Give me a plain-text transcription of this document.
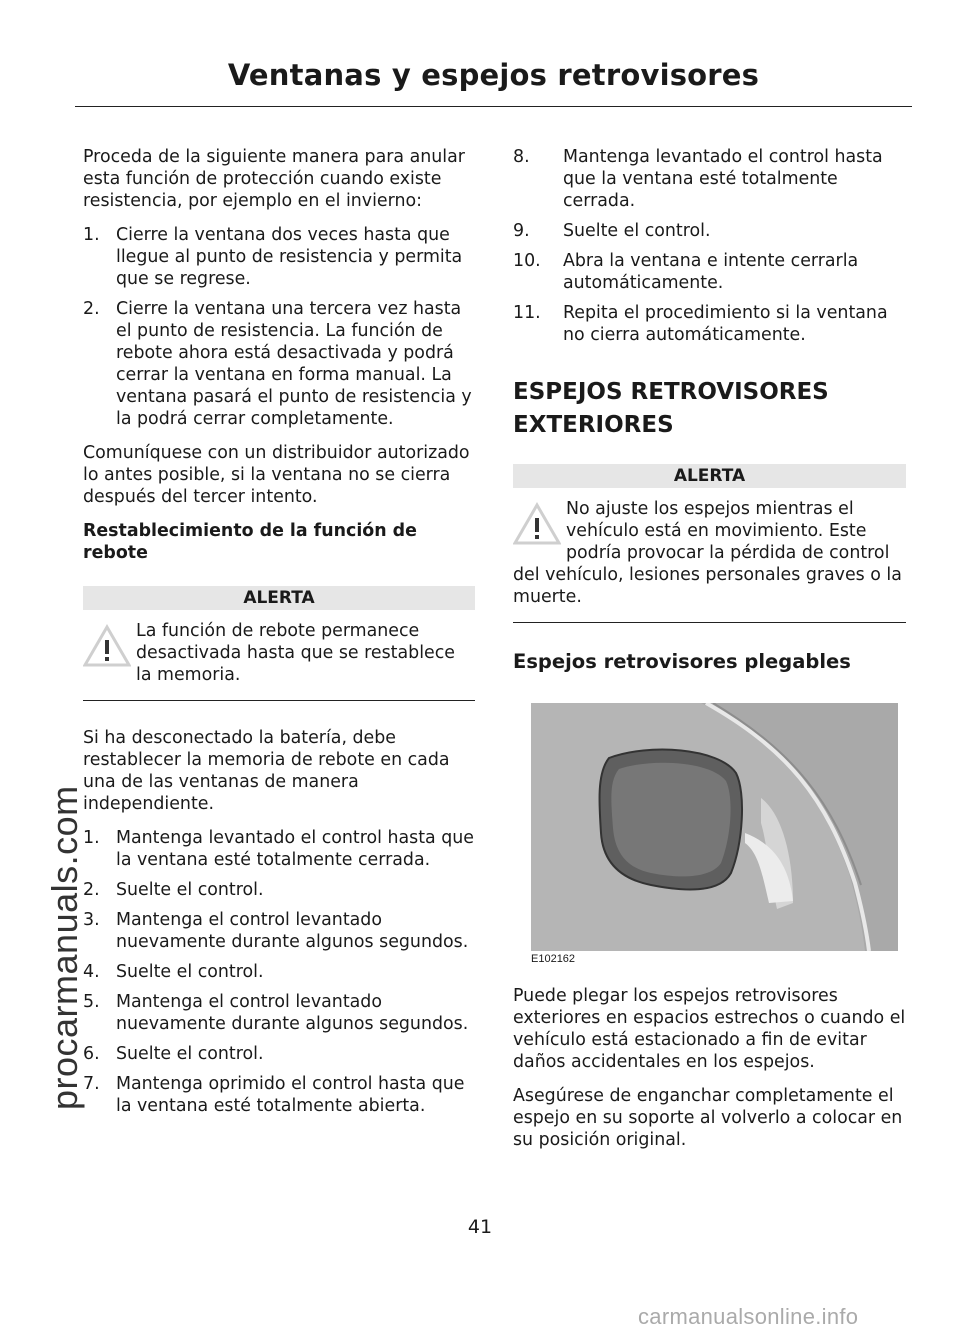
Ventanas y espejos retrovisores

Proceda de la siguiente manera para anular esta función de protección cuando existe resistencia, por ejemplo en el invierno:

1. Cierre la ventana dos veces hasta que llegue al punto de resistencia y permita que se regrese.
2. Cierre la ventana una tercera vez hasta el punto de resistencia. La función de rebote ahora está desactivada y podrá cerrar la ventana en forma manual. La ventana pasará el punto de resistencia y la podrá cerrar completamente.

Comuníquese con un distribuidor autorizado lo antes posible, si la ventana no se cierra después del tercer intento.

Restablecimiento de la función de rebote
ALERTA
La función de rebote permanece desactivada hasta que se restablece la memoria.

Si ha desconectado la batería, debe restablecer la memoria de rebote en cada una de las ventanas de manera independiente.

1. Mantenga levantado el control hasta que la ventana esté totalmente cerrada.
2. Suelte el control.
3. Mantenga el control levantado nuevamente durante algunos segundos.
4. Suelte el control.
5. Mantenga el control levantado nuevamente durante algunos segundos.
6. Suelte el control.
7. Mantenga oprimido el control hasta que la ventana esté totalmente abierta.
8. Mantenga levantado el control hasta que la ventana esté totalmente cerrada.
9. Suelte el control.
10. Abra la ventana e intente cerrarla automáticamente.
11. Repita el procedimiento si la ventana no cierra automáticamente.
ESPEJOS RETROVISORES EXTERIORES
ALERTA
No ajuste los espejos mientras el vehículo está en movimiento. Este podría provocar la pérdida de control
del vehículo, lesiones personales graves o la muerte.
Espejos retrovisores plegables
E102162

Puede plegar los espejos retrovisores exteriores en espacios estrechos o cuando el vehículo está estacionado a fin de evitar daños accidentales en los espejos.

Asegúrese de enganchar completamente el espejo en su soporte al volverlo a colocar en su posición original.

41
procarmanuals.com
carmanualsonline.info
